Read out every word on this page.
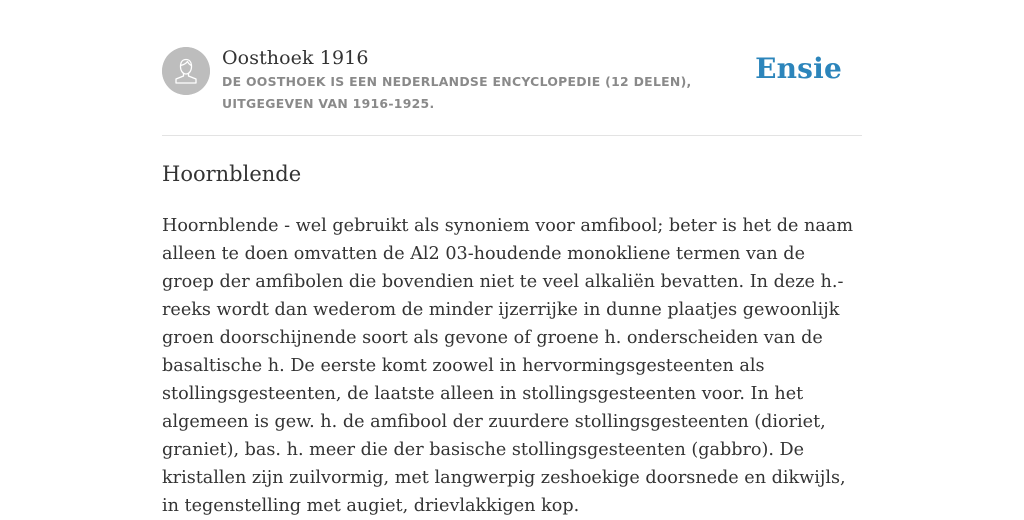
Oosthoek 1916

DE OOSTHOEK IS EEN NEDERLANDSE ENCYCLOPEDIE (12 DELEN), UITGEGEVEN VAN 1916-1925.
Ensie
Hoornblende

Hoornblende - wel gebruikt als synoniem voor amfibool; beter is het de naam alleen te doen omvatten de Al2 03-houdende monokliene termen van de groep der amfibolen die bovendien niet te veel alkaliën bevatten. In deze h.-reeks wordt dan wederom de minder ijzerrijke in dunne plaatjes gewoonlijk groen doorschijnende soort als gevone of groene h. onderscheiden van de basaltische h. De eerste komt zoowel in hervormingsgesteenten als stollingsgesteenten, de laatste alleen in stollingsgesteenten voor. In het algemeen is gew. h. de amfibool der zuurdere stollingsgesteenten (dioriet, graniet), bas. h. meer die der basische stollingsgesteenten (gabbro). De kristallen zijn zuilvormig, met langwerpig zeshoekige doorsnede en dikwijls, in tegenstelling met augiet, drievlakkigen kop.
